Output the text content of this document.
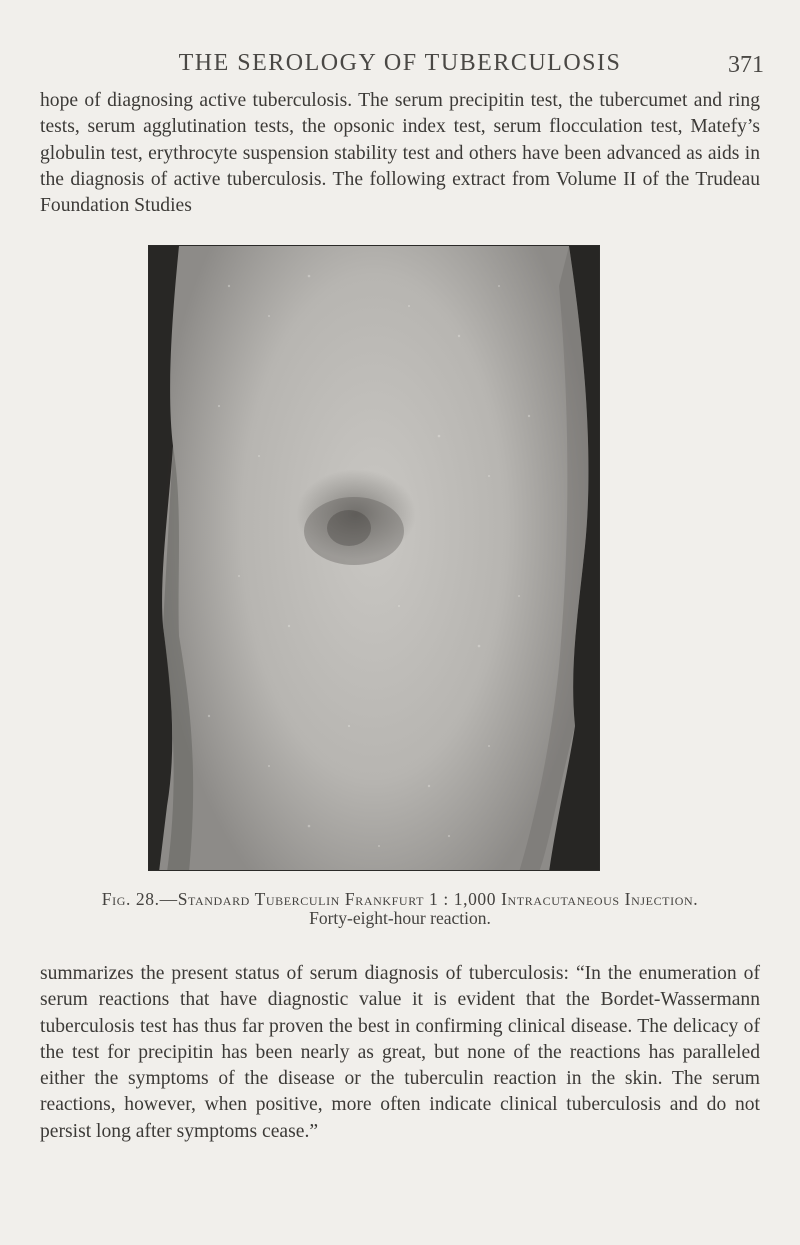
THE SEROLOGY OF TUBERCULOSIS	371

hope of diagnosing active tuberculosis. The serum precipitin test, the tubercumet and ring tests, serum agglutination tests, the opsonic index test, serum flocculation test, Matefy’s globulin test, erythrocyte suspension stability test and others have been advanced as aids in the diagnosis of active tuberculosis. The following extract from Volume II of the Trudeau Foundation Studies

Fig. 28.—Standard Tuberculin Frankfurt 1 : 1,000 Intracutaneous Injection.
Forty-eight-hour reaction.

summarizes the present status of serum diagnosis of tuberculosis: “In the enumeration of serum reactions that have diagnostic value it is evident that the Bordet-Wassermann tuberculosis test has thus far proven the best in confirming clinical disease. The delicacy of the test for precipitin has been nearly as great, but none of the reactions has paralleled either the symptoms of the disease or the tuberculin reaction in the skin. The serum reactions, however, when positive, more often indicate clinical tuberculosis and do not persist long after symptoms cease.”
